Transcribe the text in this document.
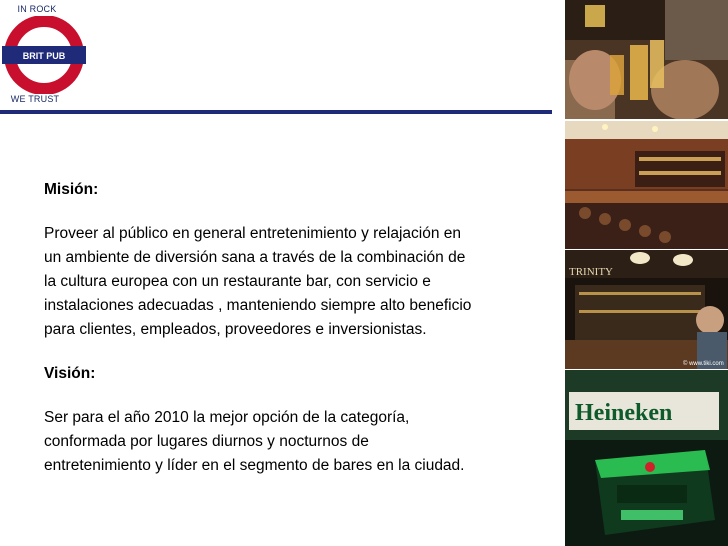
IN ROCK
BRIT PUB
WE TRUST

Misión:

Proveer al público en general entretenimiento y relajación en

un ambiente de diversión sana a través de la combinación de

la cultura europea con un restaurante bar, con servicio e

instalaciones adecuadas , manteniendo siempre alto beneficio

para clientes, empleados, proveedores e inversionistas.

Visión:

Ser para el año 2010 la mejor opción de la categoría,

conformada por lugares diurnos y nocturnos de

entretenimiento y líder en el segmento de bares en la ciudad.

TRINITY
© www.tiki.com
Heineken
